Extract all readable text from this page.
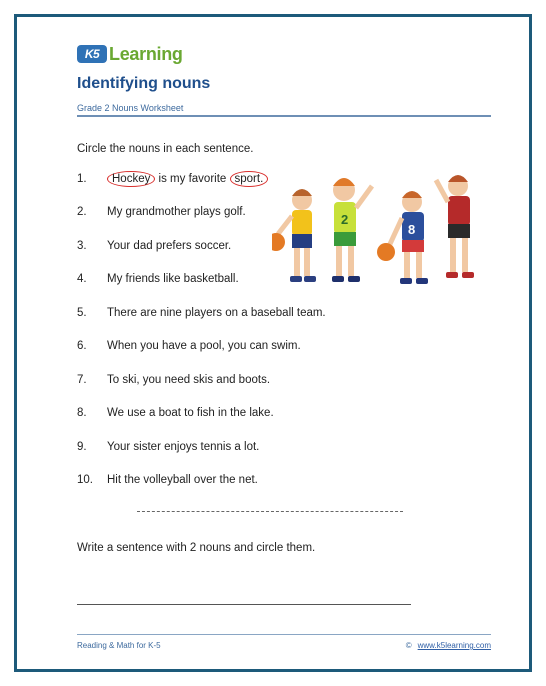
K5 Learning
Identifying nouns
Grade 2 Nouns Worksheet
Circle the nouns in each sentence.
1.	Hockey is my favorite sport.
2.	My grandmother plays golf.
3.	Your dad prefers soccer.
4.	My friends like basketball.
5.	There are nine players on a baseball team.
6.	When you have a pool, you can swim.
7.	To ski, you need skis and boots.
8.	We use a boat to fish in the lake.
9.	Your sister enjoys tennis a lot.
10.	Hit the volleyball over the net.
2
8
Write a sentence with 2 nouns and circle them.
Reading & Math for K-5	© www.k5learning.com
